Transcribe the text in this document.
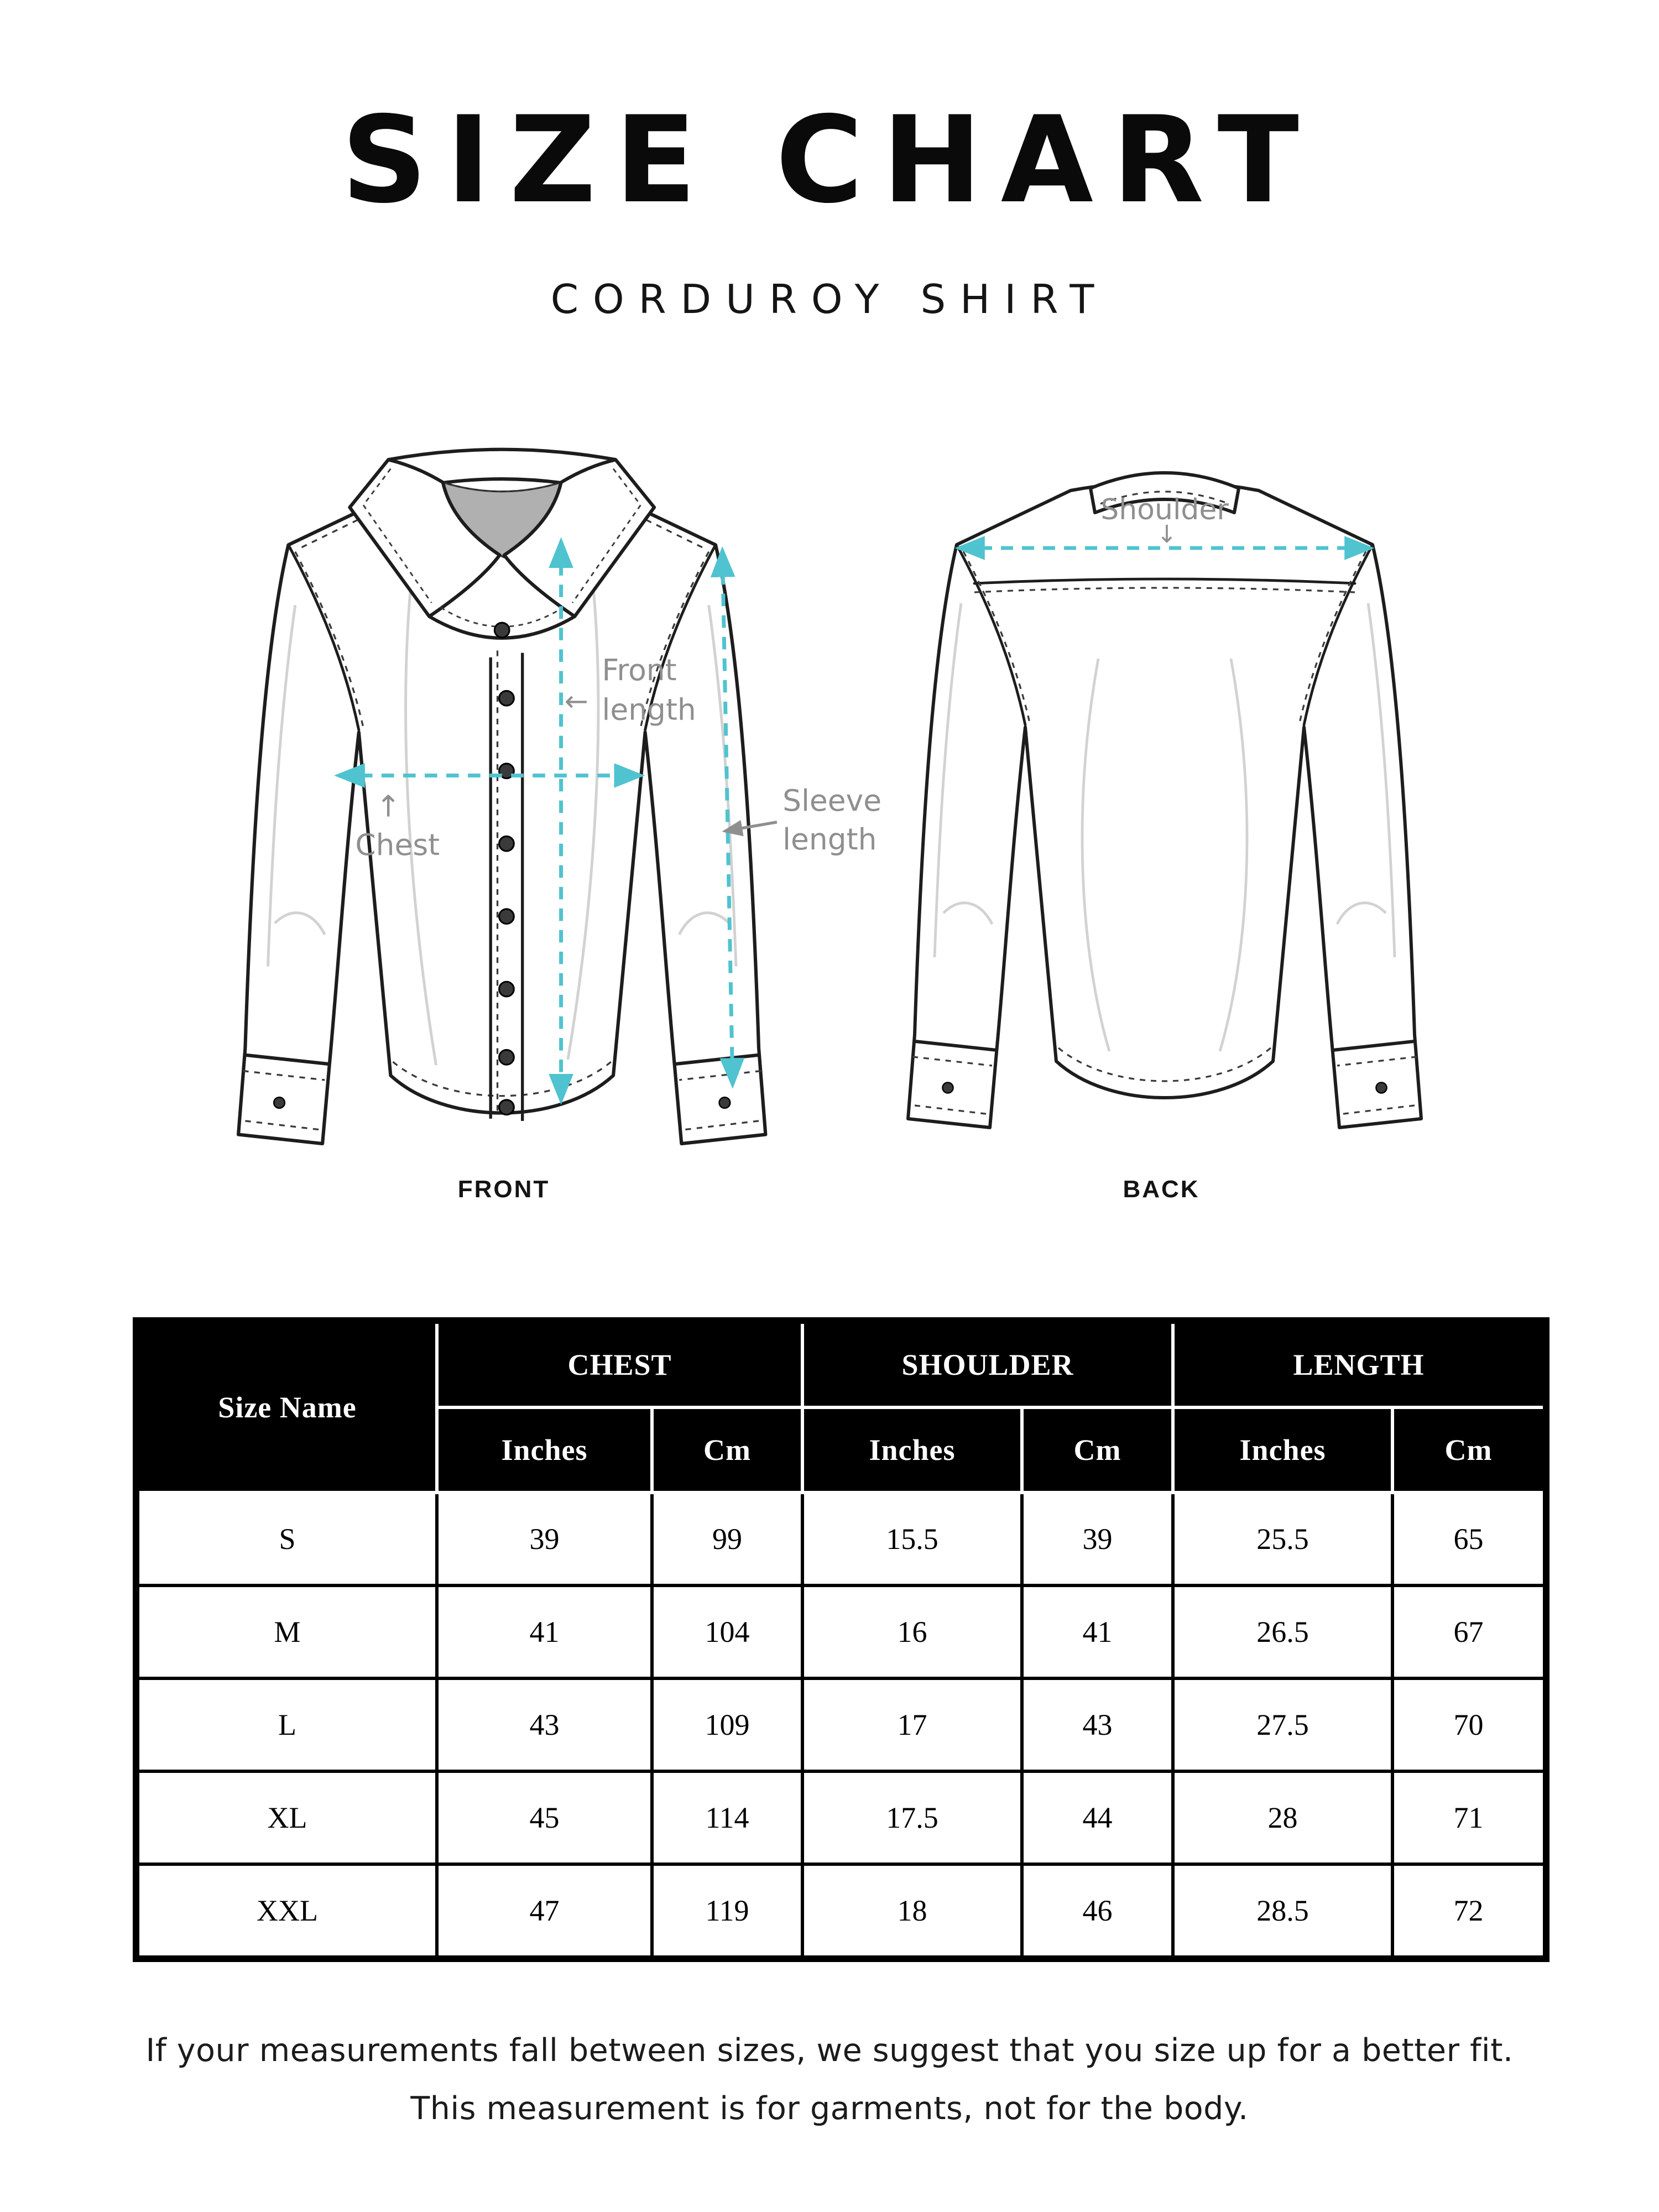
SIZE CHART
CORDUROY SHIRT
↑
Chest
←
Front
length
Sleeve
length
Shoulder
↓
FRONT	BACK
Size Name	CHEST		SHOULDER		LENGTH	
	Inches	Cm	Inches	Cm	Inches	Cm
S	39	99	15.5	39	25.5	65
M	41	104	16	41	26.5	67
L	43	109	17	43	27.5	70
XL	45	114	17.5	44	28	71
XXL	47	119	18	46	28.5	72
If your measurements fall between sizes, we suggest that you size up for a better fit.
This measurement is for garments, not for the body.
